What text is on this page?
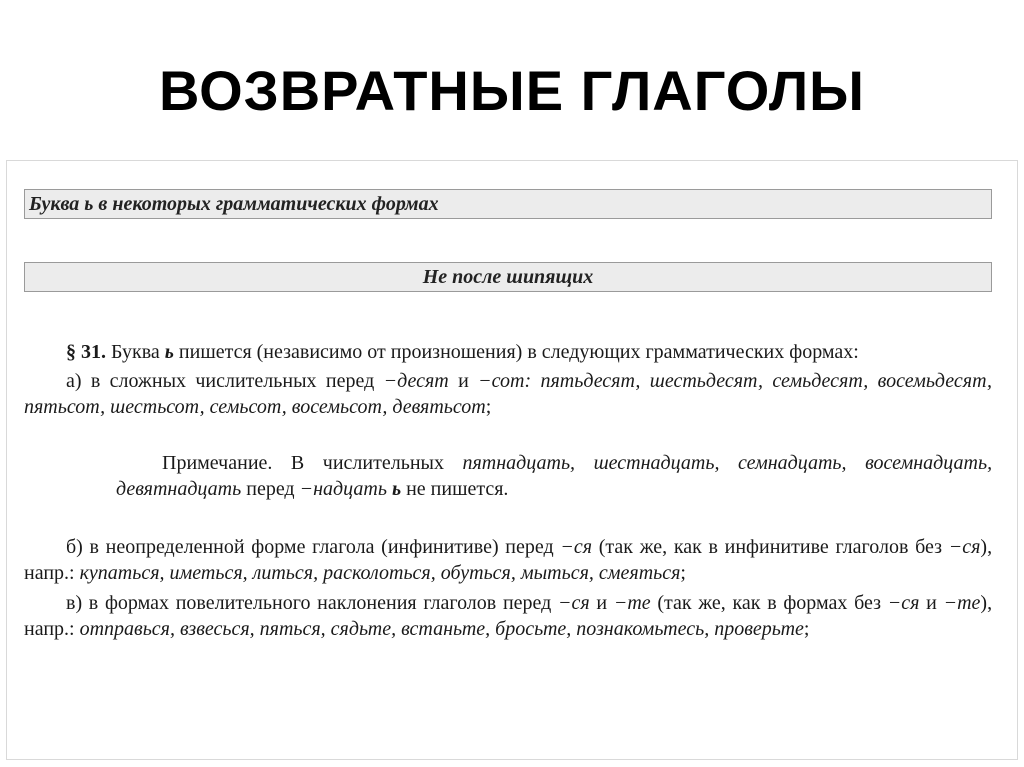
ВОЗВРАТНЫЕ ГЛАГОЛЫ
Буква ь в некоторых грамматических формах
Не после шипящих
§ 31. Буква ь пишется (независимо от произношения) в следующих грамматических формах:
а) в сложных числительных перед −десят и −сот: пятьдесят, шестьдесят, семьдесят, восемьдесят, пятьсот, шестьсот, семьсот, восемьсот, девятьсот;
Примечание. В числительных пятнадцать, шестнадцать, семнадцать, восемнадцать, девятнадцать перед −надцать ь не пишется.
б) в неопределенной форме глагола (инфинитиве) перед −ся (так же, как в инфинитиве глаголов без −ся), напр.: купаться, иметься, литься, расколоться, обуться, мыться, смеяться;
в) в формах повелительного наклонения глаголов перед −ся и −те (так же, как в формах без −ся и −те), напр.: отправься, взвесься, пяться, сядьте, встаньте, бросьте, познакомьтесь, проверьте;
